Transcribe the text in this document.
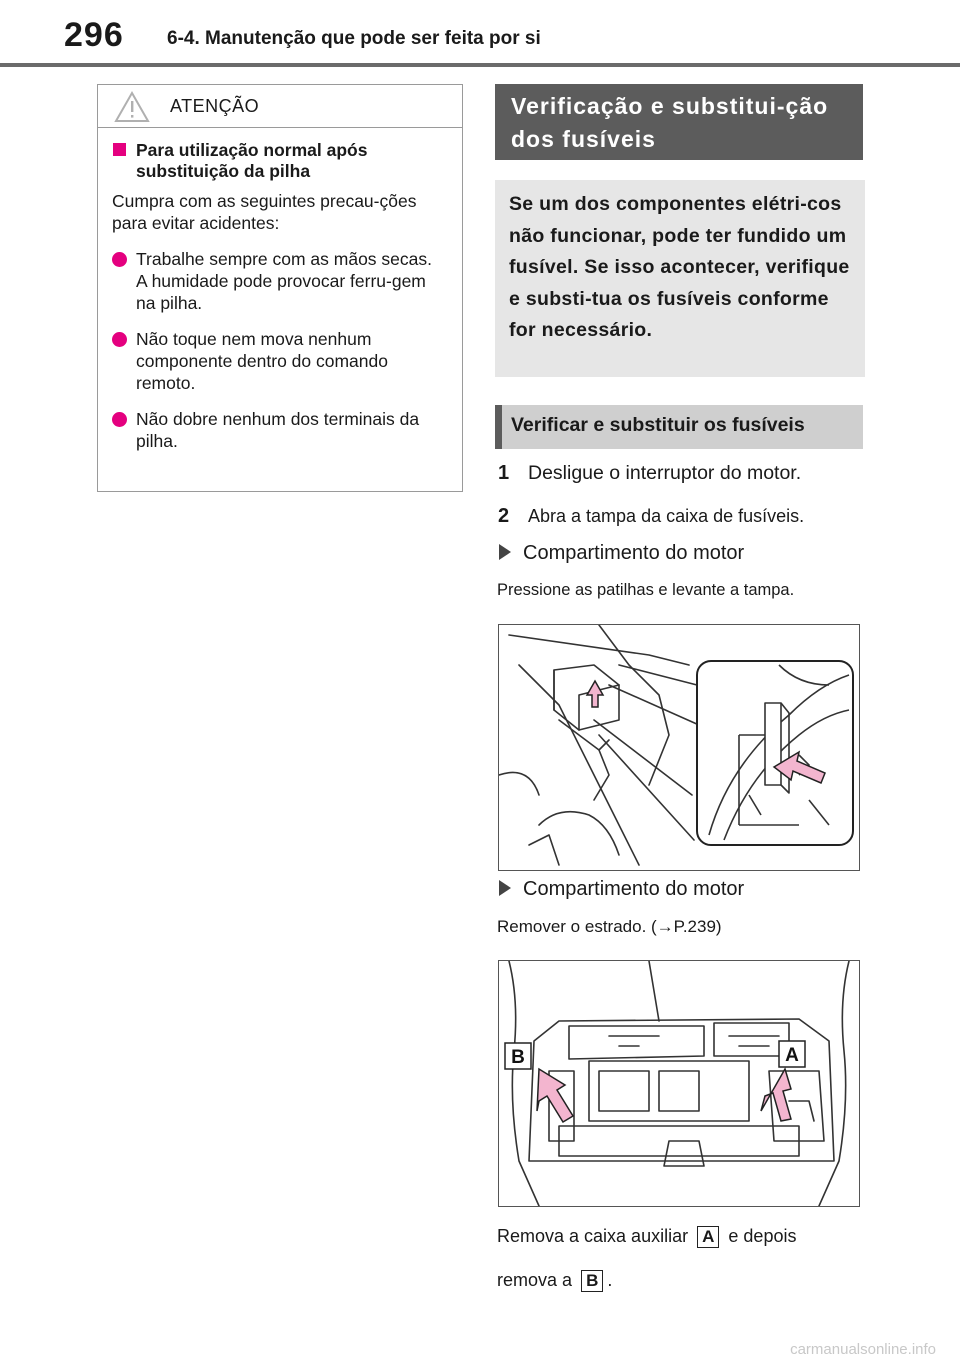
296 6-4. Manutenção que pode ser feita por si
ATENÇÃO
Para utilização normal após substituição da pilha
Cumpra com as seguintes precau-ções para evitar acidentes:
Trabalhe sempre com as mãos secas.
A humidade pode provocar ferru-gem na pilha.
Não toque nem mova nenhum componente dentro do comando remoto.
Não dobre nenhum dos terminais da pilha.
Verificação e substitui-ção dos fusíveis
Se um dos componentes elétri-cos não funcionar, pode ter fundido um fusível. Se isso acontecer, verifique e substi-tua os fusíveis conforme for necessário.
Verificar e substituir os fusíveis
1 Desligue o interruptor do motor.
2 Abra a tampa da caixa de fusíveis.
Compartimento do motor
Pressione as patilhas e levante a tampa.
Compartimento do motor
Remover o estrado. (→P.239)
B	A
Remova a caixa auxiliar A e depois
remova a B .
carmanualsonline.info
